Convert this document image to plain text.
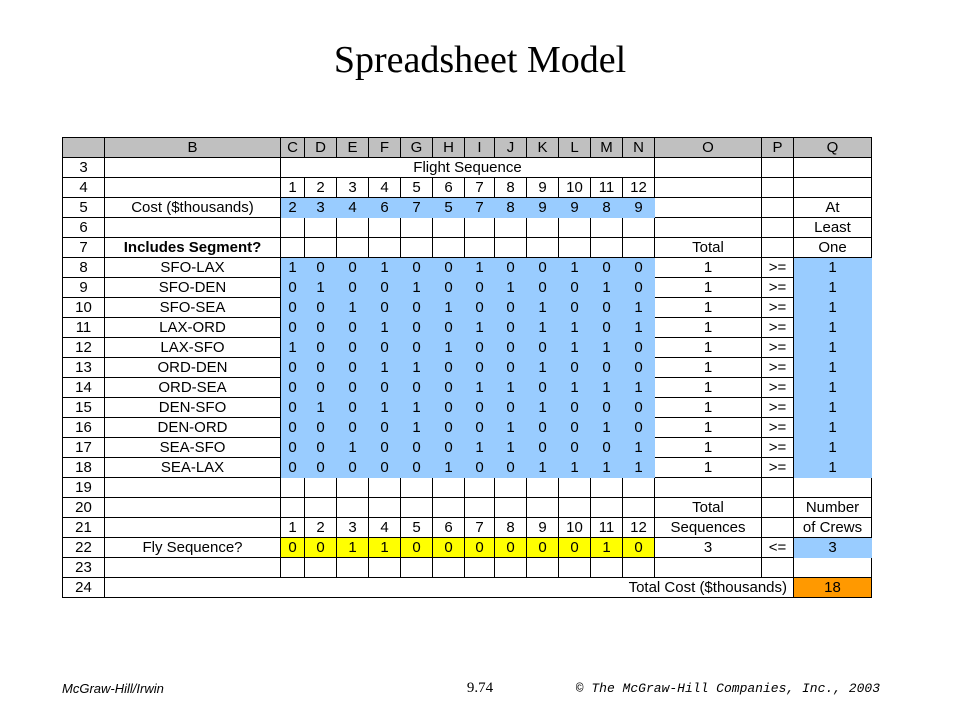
Spreadsheet Model
	B	C	D	E	F	G	H	I	J	K	L	M	N	O	P	Q
3		Flight Sequence														
4		1	2	3	4	5	6	7	8	9	10	11	12			
5	Cost ($thousands)	2	3	4	6	7	5	7	8	9	9	8	9			At
6																Least
7	Includes Segment?													Total		One
8	SFO-LAX	1	0	0	1	0	0	1	0	0	1	0	0	1	>=	1
9	SFO-DEN	0	1	0	0	1	0	0	1	0	0	1	0	1	>=	1
10	SFO-SEA	0	0	1	0	0	1	0	0	1	0	0	1	1	>=	1
11	LAX-ORD	0	0	0	1	0	0	1	0	1	1	0	1	1	>=	1
12	LAX-SFO	1	0	0	0	0	1	0	0	0	1	1	0	1	>=	1
13	ORD-DEN	0	0	0	1	1	0	0	0	1	0	0	0	1	>=	1
14	ORD-SEA	0	0	0	0	0	0	1	1	0	1	1	1	1	>=	1
15	DEN-SFO	0	1	0	1	1	0	0	0	1	0	0	0	1	>=	1
16	DEN-ORD	0	0	0	0	1	0	0	1	0	0	1	0	1	>=	1
17	SEA-SFO	0	0	1	0	0	0	1	1	0	0	0	1	1	>=	1
18	SEA-LAX	0	0	0	0	0	1	0	0	1	1	1	1	1	>=	1
19																
20														Total		Number
21		1	2	3	4	5	6	7	8	9	10	11	12	Sequences		of Crews
22	Fly Sequence?	0	0	1	1	0	0	0	0	0	0	1	0	3	<=	3
23																
24	Total Cost ($thousands)															18
McGraw-Hill/Irwin	9.74	© The McGraw-Hill Companies, Inc., 2003
